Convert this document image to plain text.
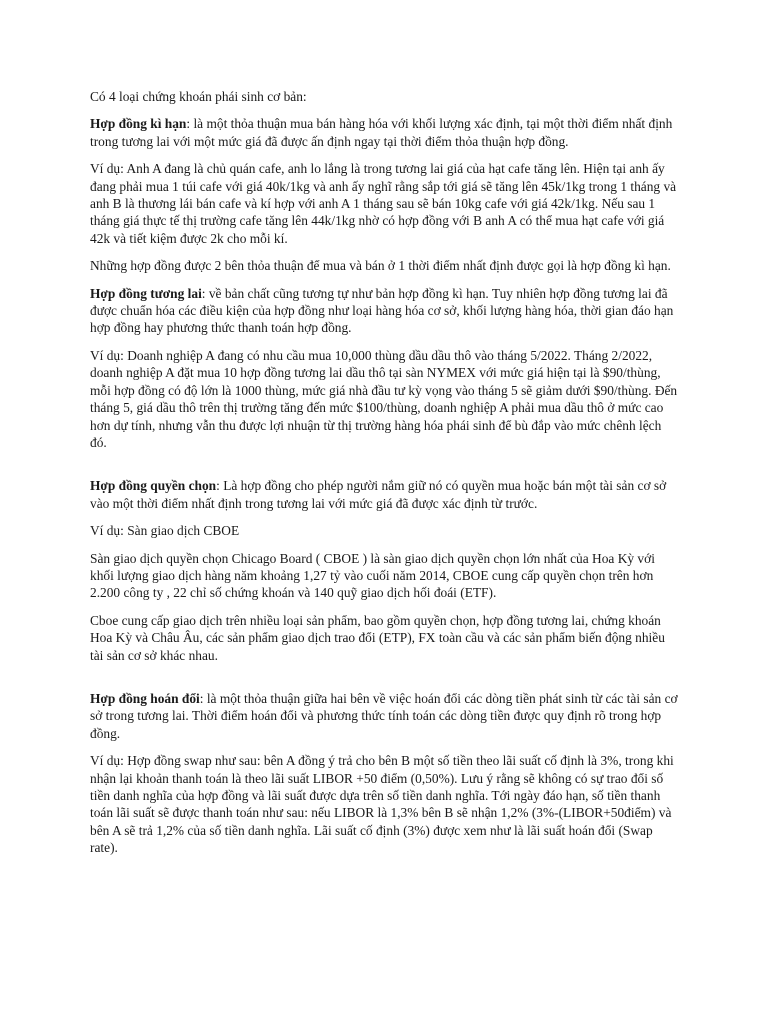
Có 4 loại chứng khoán phái sinh cơ bản:

Hợp đồng kì hạn: là một thỏa thuận mua bán hàng hóa với khối lượng xác định, tại một thời điểm nhất định trong tương lai với một mức giá đã được ấn định ngay tại thời điểm thỏa thuận hợp đồng.

Ví dụ: Anh A đang là chủ quán cafe, anh lo lắng là trong tương lai giá của hạt cafe tăng lên. Hiện tại anh ấy đang phải mua 1 túi cafe với giá 40k/1kg và anh ấy nghĩ rằng sắp tới giá sẽ tăng lên 45k/1kg trong 1 tháng và anh B là thương lái bán cafe và kí hợp với anh A 1 tháng sau sẽ bán 10kg cafe với giá 42k/1kg. Nếu sau 1 tháng giá thực tế thị trường cafe tăng lên 44k/1kg nhờ có hợp đồng với B anh A có thể mua hạt cafe với giá 42k và tiết kiệm được 2k cho mỗi kí.

Những hợp đồng được 2 bên thỏa thuận để mua và bán ở 1 thời điểm nhất định được gọi là hợp đồng kì hạn.

Hợp đồng tương lai: về bản chất cũng tương tự như bản hợp đồng kì hạn. Tuy nhiên hợp đồng tương lai đã được chuẩn hóa các điều kiện của hợp đồng như loại hàng hóa cơ sở, khối lượng hàng hóa, thời gian đáo hạn hợp đồng hay phương thức thanh toán hợp đồng.

Ví dụ: Doanh nghiệp A đang có nhu cầu mua 10,000 thùng dầu dầu thô vào tháng 5/2022. Tháng 2/2022, doanh nghiệp A đặt mua 10 hợp đồng tương lai dầu thô tại sàn NYMEX với mức giá hiện tại là $90/thùng, mỗi hợp đồng có độ lớn là 1000 thùng, mức giá nhà đầu tư kỳ vọng vào tháng 5 sẽ giảm dưới $90/thùng. Đến tháng 5, giá dầu thô trên thị trường tăng đến mức $100/thùng, doanh nghiệp A phải mua dầu thô ở mức cao hơn dự tính, nhưng vẫn thu được lợi nhuận từ thị trường hàng hóa phái sinh để bù đắp vào mức chênh lệch đó.

Hợp đồng quyền chọn: Là hợp đồng cho phép người nắm giữ nó có quyền mua hoặc bán một tài sản cơ sở vào một thời điểm nhất định trong tương lai với mức giá đã được xác định từ trước.

Ví dụ: Sàn giao dịch CBOE

Sàn giao dịch quyền chọn Chicago Board ( CBOE ) là sàn giao dịch quyền chọn lớn nhất của Hoa Kỳ với khối lượng giao dịch hàng năm khoảng 1,27 tỷ vào cuối năm 2014, CBOE cung cấp quyền chọn trên hơn 2.200 công ty , 22 chỉ số chứng khoán và 140 quỹ giao dịch hối đoái (ETF).

Cboe cung cấp giao dịch trên nhiều loại sản phẩm, bao gồm quyền chọn, hợp đồng tương lai, chứng khoán Hoa Kỳ và Châu Âu, các sản phẩm giao dịch trao đổi (ETP), FX toàn cầu và các sản phẩm biến động nhiều tài sản cơ sở khác nhau.

Hợp đồng hoán đổi: là một thỏa thuận giữa hai bên về việc hoán đổi các dòng tiền phát sinh từ các tài sản cơ sở trong tương lai. Thời điểm hoán đổi và phương thức tính toán các dòng tiền được quy định rõ trong hợp đồng.

Ví dụ: Hợp đồng swap như sau: bên A đồng ý trả cho bên B một số tiền theo lãi suất cố định là 3%, trong khi nhận lại khoản thanh toán là theo lãi suất LIBOR +50 điểm (0,50%). Lưu ý rằng sẽ không có sự trao đổi số tiền danh nghĩa của hợp đồng và lãi suất được dựa trên số tiền danh nghĩa. Tới ngày đáo hạn, số tiền thanh toán lãi suất sẽ được thanh toán như sau: nếu LIBOR là 1,3% bên B sẽ nhận 1,2% (3%-(LIBOR+50điểm) và bên A sẽ trả 1,2% của số tiền danh nghĩa. Lãi suất cố định (3%) được xem như là lãi suất hoán đổi (Swap rate).
